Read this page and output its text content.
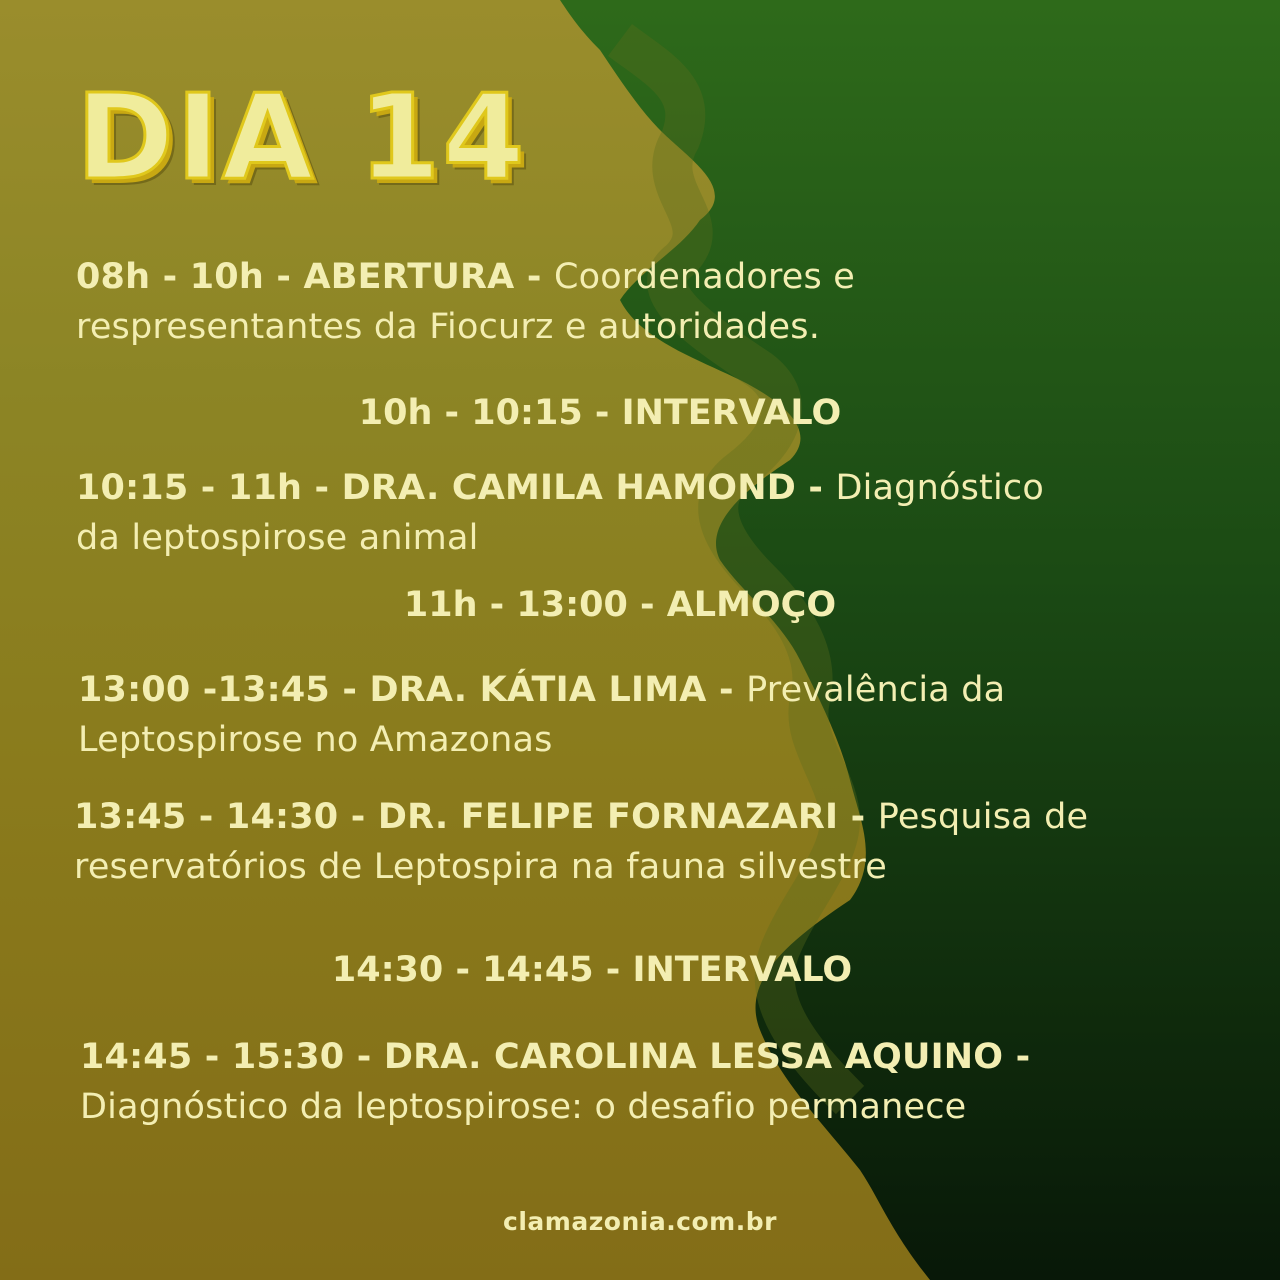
DIA 14
08h - 10h - ABERTURA - Coordenadores e
respresentantes da Fiocurz e autoridades.
10h - 10:15 - INTERVALO
10:15 - 11h - DRA. CAMILA HAMOND - Diagnóstico
da leptospirose animal
11h - 13:00 - ALMOÇO
13:00 -13:45 - DRA. KÁTIA LIMA - Prevalência da
Leptospirose no Amazonas
13:45 - 14:30 - DR. FELIPE FORNAZARI - Pesquisa de
reservatórios de Leptospira na fauna silvestre
14:30 - 14:45 - INTERVALO
14:45 - 15:30 - DRA. CAROLINA LESSA AQUINO -
Diagnóstico da leptospirose: o desafio permanece
clamazonia.com.br
